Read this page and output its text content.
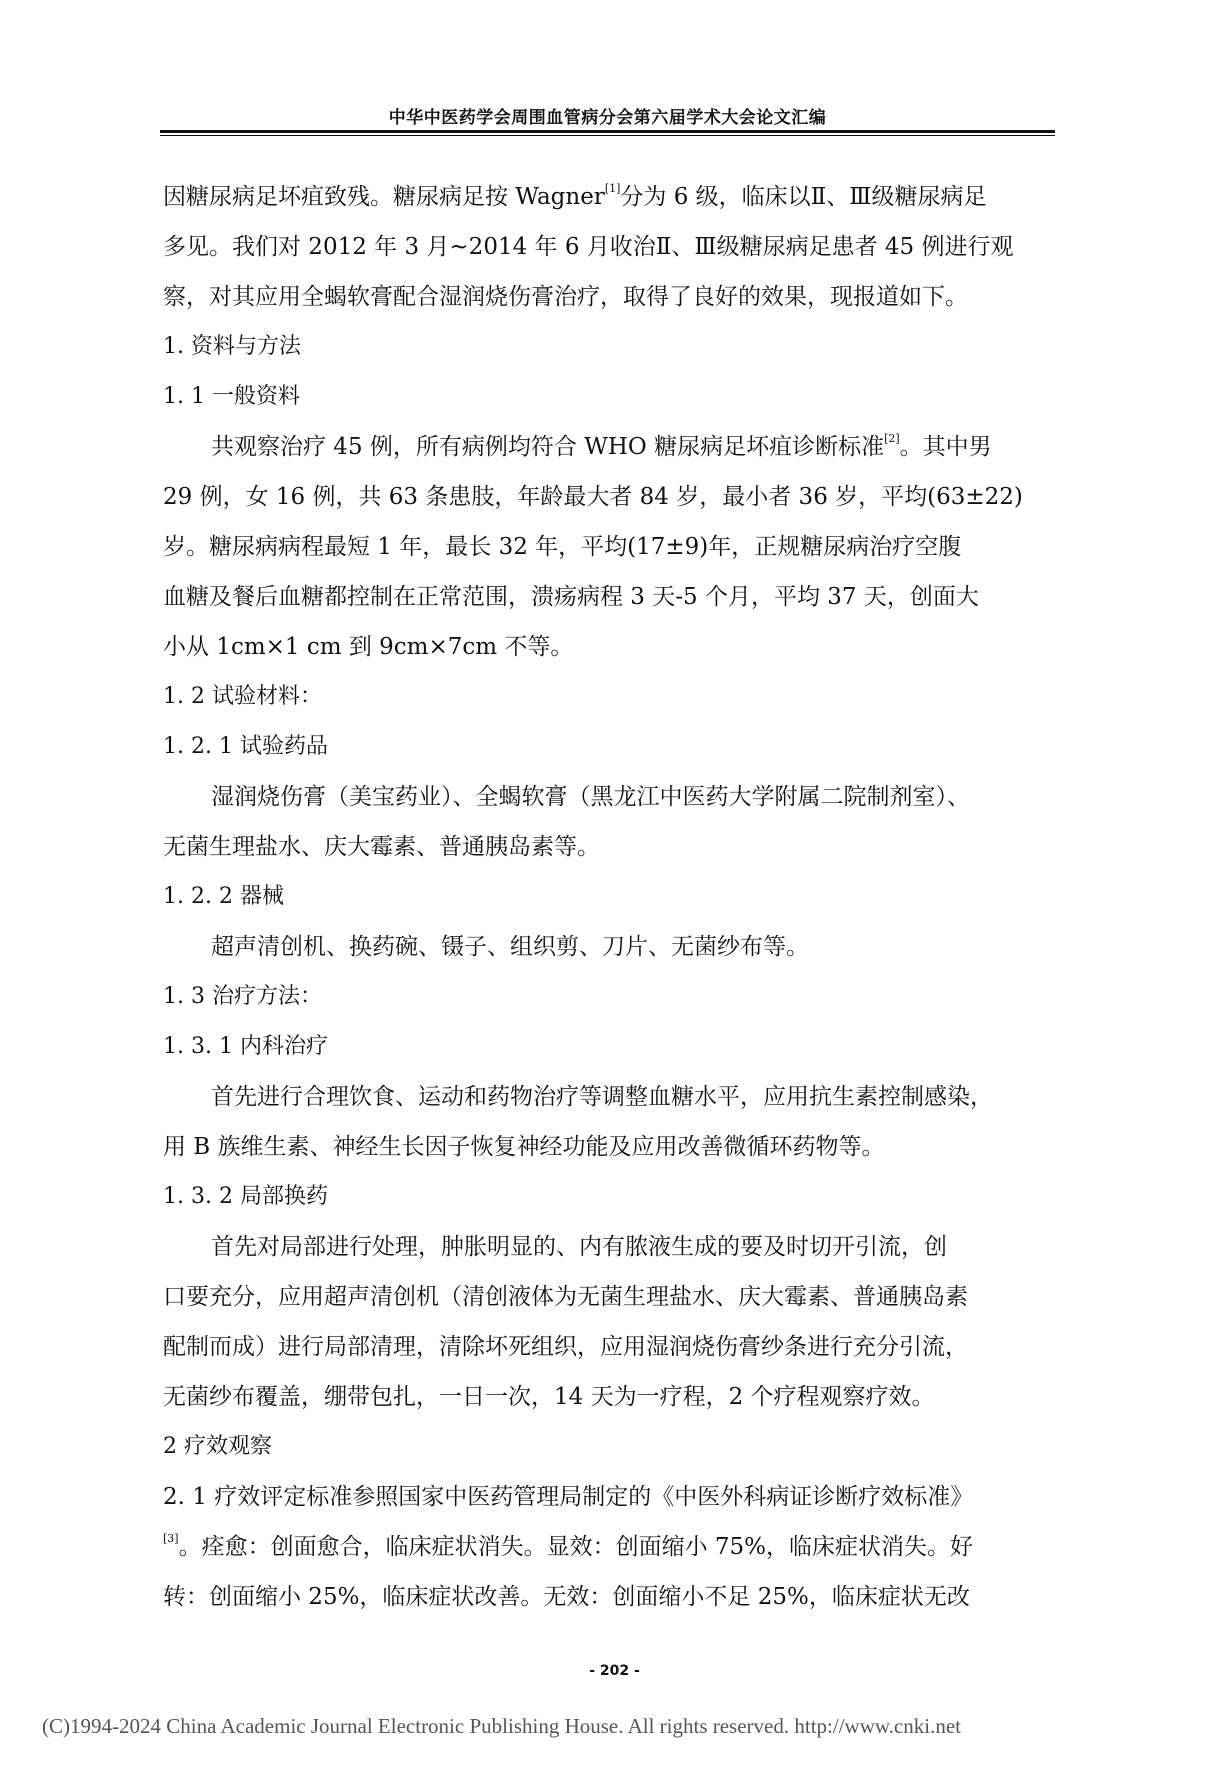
中华中医药学会周围血管病分会第六届学术大会论文汇编
因糖尿病足坏疽致残。糖尿病足按 Wagner[1]分为 6 级，临床以Ⅱ、Ⅲ级糖尿病足
多见。我们对 2012 年 3 月~2014 年 6 月收治Ⅱ、Ⅲ级糖尿病足患者 45 例进行观
察，对其应用全蝎软膏配合湿润烧伤膏治疗，取得了良好的效果，现报道如下。
1. 资料与方法
1. 1 一般资料
共观察治疗 45 例，所有病例均符合 WHO 糖尿病足坏疽诊断标准[2]。其中男
29 例，女 16 例，共 63 条患肢，年龄最大者 84 岁，最小者 36 岁，平均(63±22)
岁。糖尿病病程最短 1 年，最长 32 年，平均(17±9)年，正规糖尿病治疗空腹
血糖及餐后血糖都控制在正常范围，溃疡病程 3 天-5 个月，平均 37 天，创面大
小从 1cm×1 cm 到 9cm×7cm 不等。
1. 2 试验材料：
1. 2. 1 试验药品
湿润烧伤膏（美宝药业）、全蝎软膏（黑龙江中医药大学附属二院制剂室）、
无菌生理盐水、庆大霉素、普通胰岛素等。
1. 2. 2 器械
超声清创机、换药碗、镊子、组织剪、刀片、无菌纱布等。
1. 3 治疗方法：
1. 3. 1 内科治疗
首先进行合理饮食、运动和药物治疗等调整血糖水平，应用抗生素控制感染，
用 B 族维生素、神经生长因子恢复神经功能及应用改善微循环药物等。
1. 3. 2 局部换药
首先对局部进行处理，肿胀明显的、内有脓液生成的要及时切开引流，创
口要充分，应用超声清创机（清创液体为无菌生理盐水、庆大霉素、普通胰岛素
配制而成）进行局部清理，清除坏死组织，应用湿润烧伤膏纱条进行充分引流，
无菌纱布覆盖，绷带包扎，一日一次，14 天为一疗程，2 个疗程观察疗效。
2 疗效观察
2. 1 疗效评定标准参照国家中医药管理局制定的《中医外科病证诊断疗效标准》
[3]。痊愈：创面愈合，临床症状消失。显效：创面缩小 75%，临床症状消失。好
转：创面缩小 25%，临床症状改善。无效：创面缩小不足 25%，临床症状无改
- 202 -
(C)1994-2024 China Academic Journal Electronic Publishing House. All rights reserved. http://www.cnki.net
